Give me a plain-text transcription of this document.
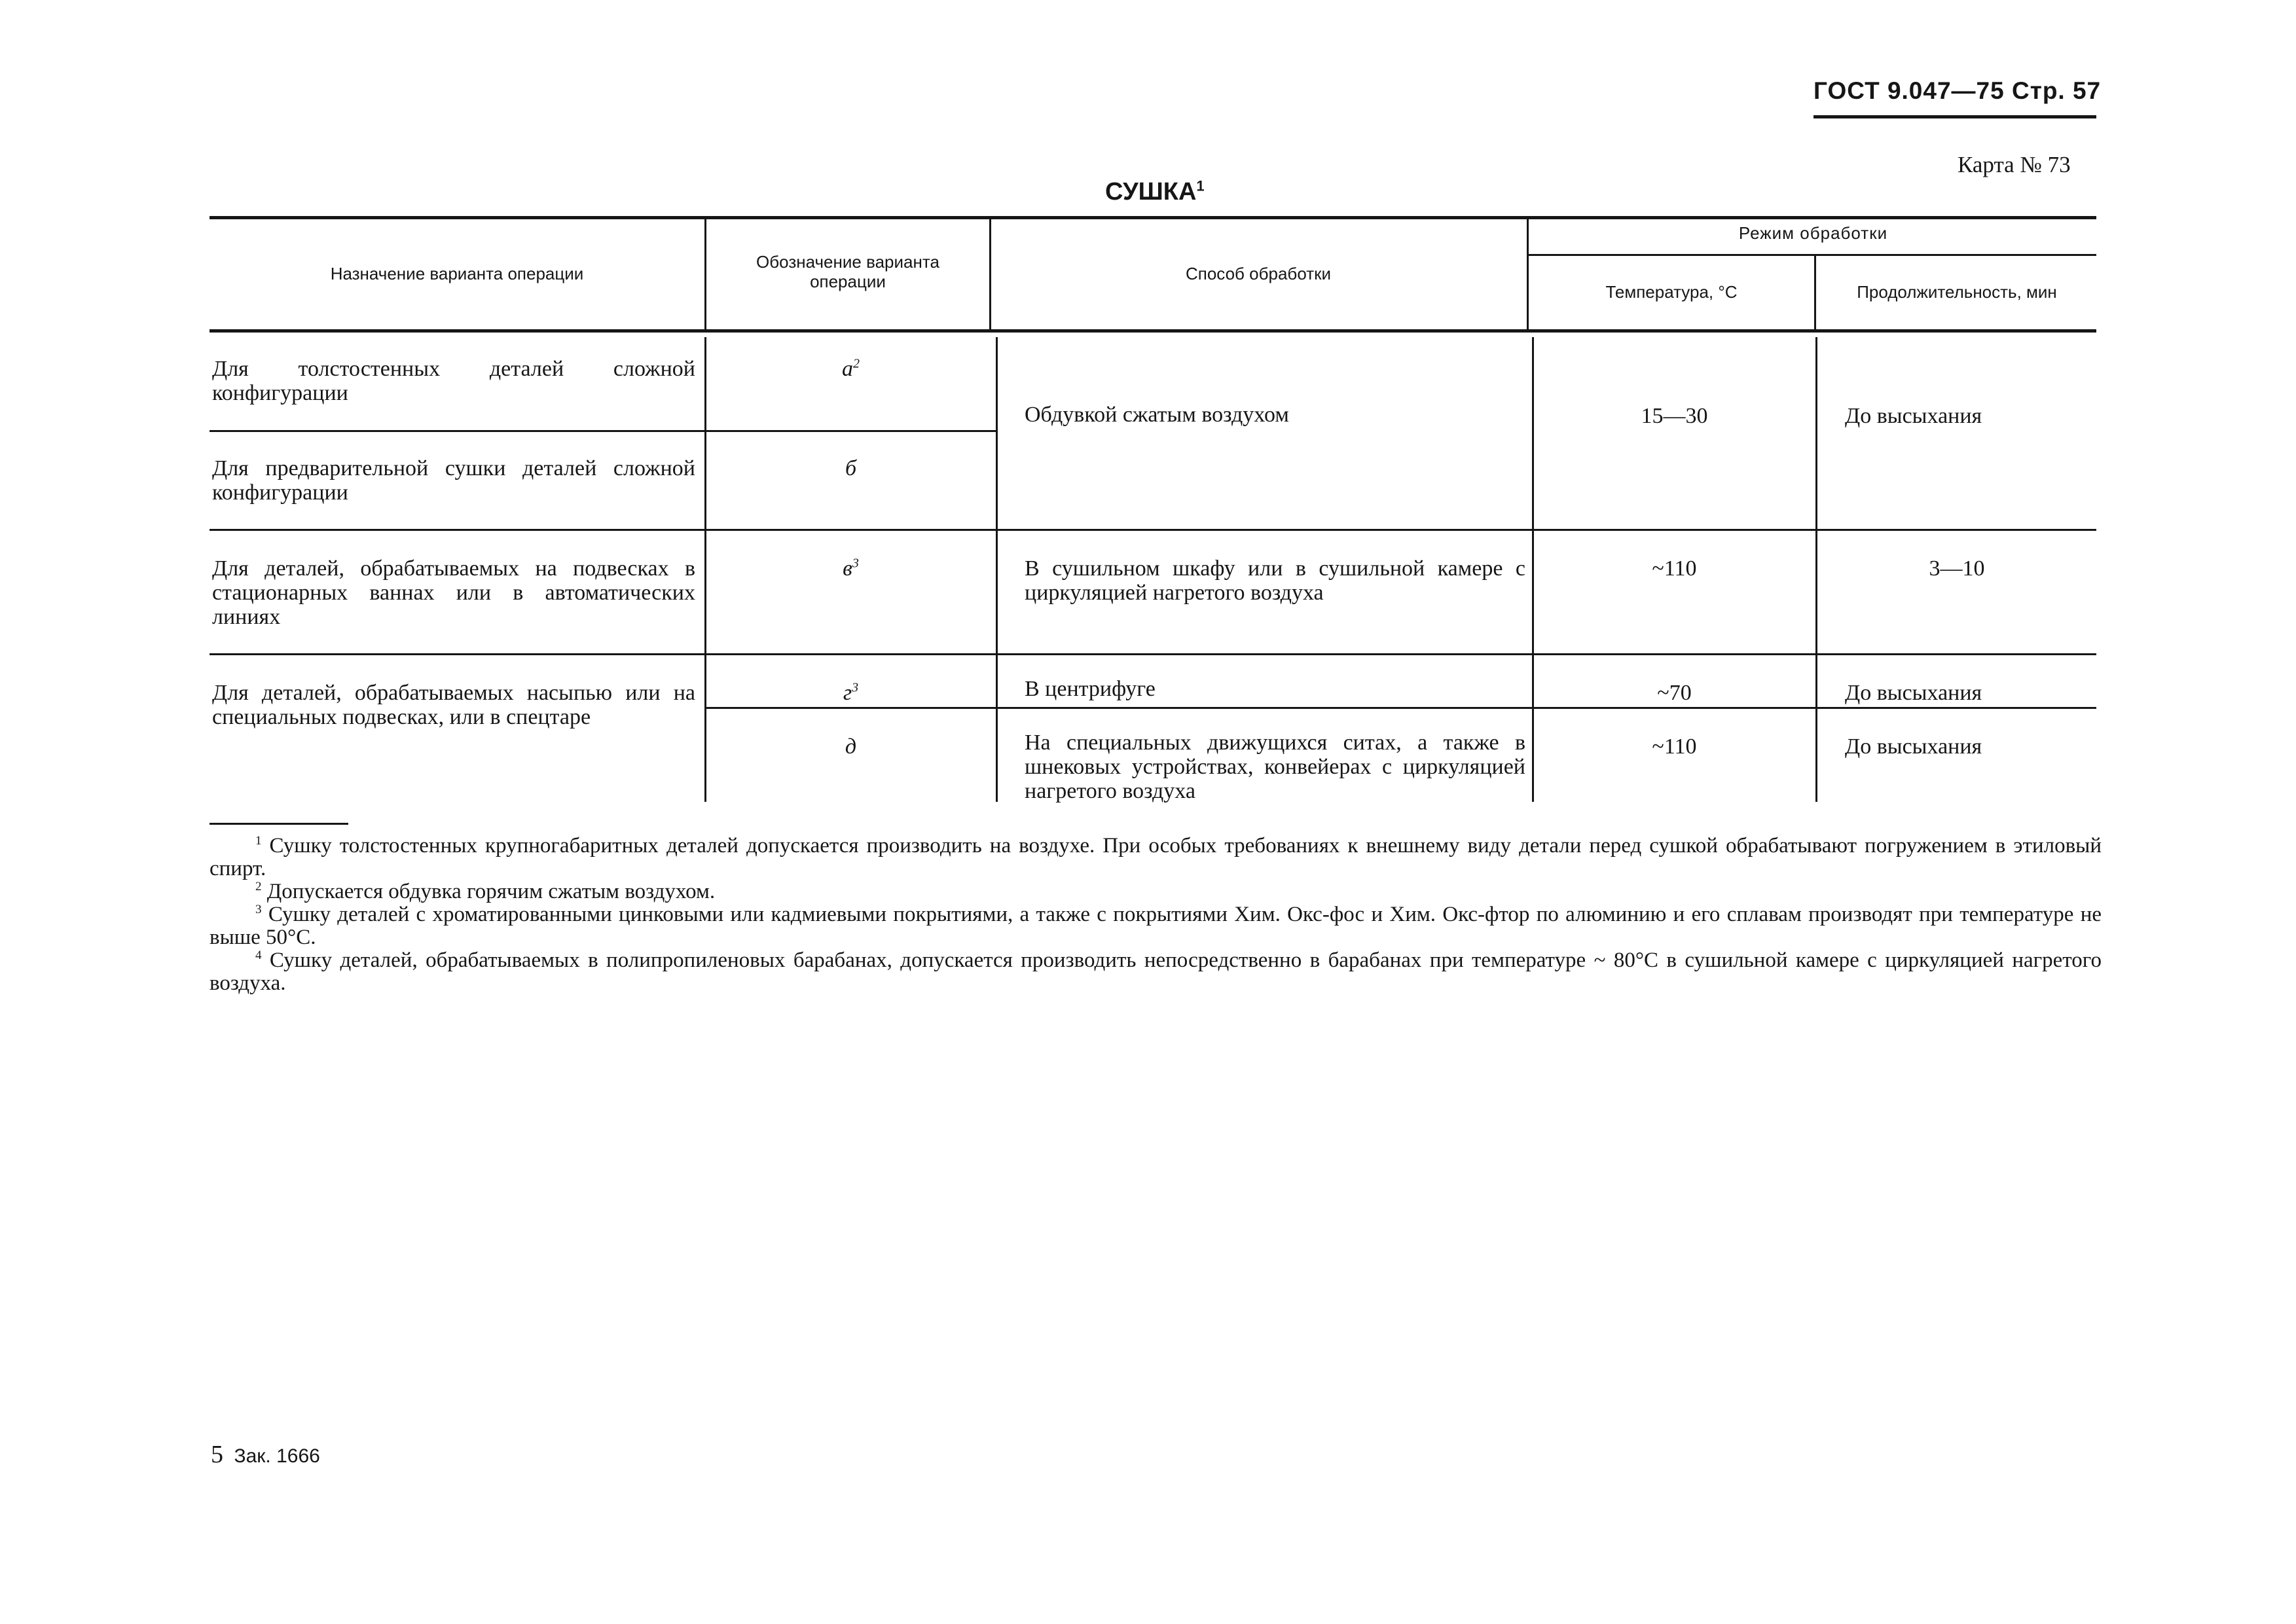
ГОСТ 9.047—75 Стр. 57
Карта № 73
СУШКА$^1$
Назначение варианта операции
Обозначение варианта операции	Способ обработки
Режим обработки
Температура, °С	Продолжительность, мин
Для толстостенных деталей сложной конфигурации
Для предварительной сушки деталей сложной конфигурации
Для деталей, обрабатываемых на подвесках в стационарных ваннах или в автоматических линиях
Для деталей, обрабатываемых насыпью или на специальных подвесках, или в спецтаре
$а^2$
б
$в^3$
$г^3$
д
Обдувкой сжатым воздухом
В сушильном шкафу или в сушильной камере с циркуляцией нагретого воздуха
В центрифуге
На специальных движущихся ситах, а также в шнековых устройствах, конвейерах с циркуляцией нагретого воздуха
15—30
~110
~70
~110
До высыхания
3—10
До высыхания
До высыхания
$^1$ Сушку толстостенных крупногабаритных деталей допускается производить на воздухе. При особых требованиях к внешнему виду детали перед сушкой обрабатывают погружением в этиловый спирт.
$^2$ Допускается обдувка горячим сжатым воздухом.
$^3$ Сушку деталей с хроматированными цинковыми или кадмиевыми покрытиями, а также с покрытиями Хим. Окс-фос и Хим. Окс-фтор по алюминию и его сплавам производят при температуре не выше 50°С.
$^4$ Сушку деталей, обрабатываемых в полипропиленовых барабанах, допускается производить непосредственно в барабанах при температуре ~ 80°С в сушильной камере с циркуляцией нагретого воздуха.
5 Зак. 1666
